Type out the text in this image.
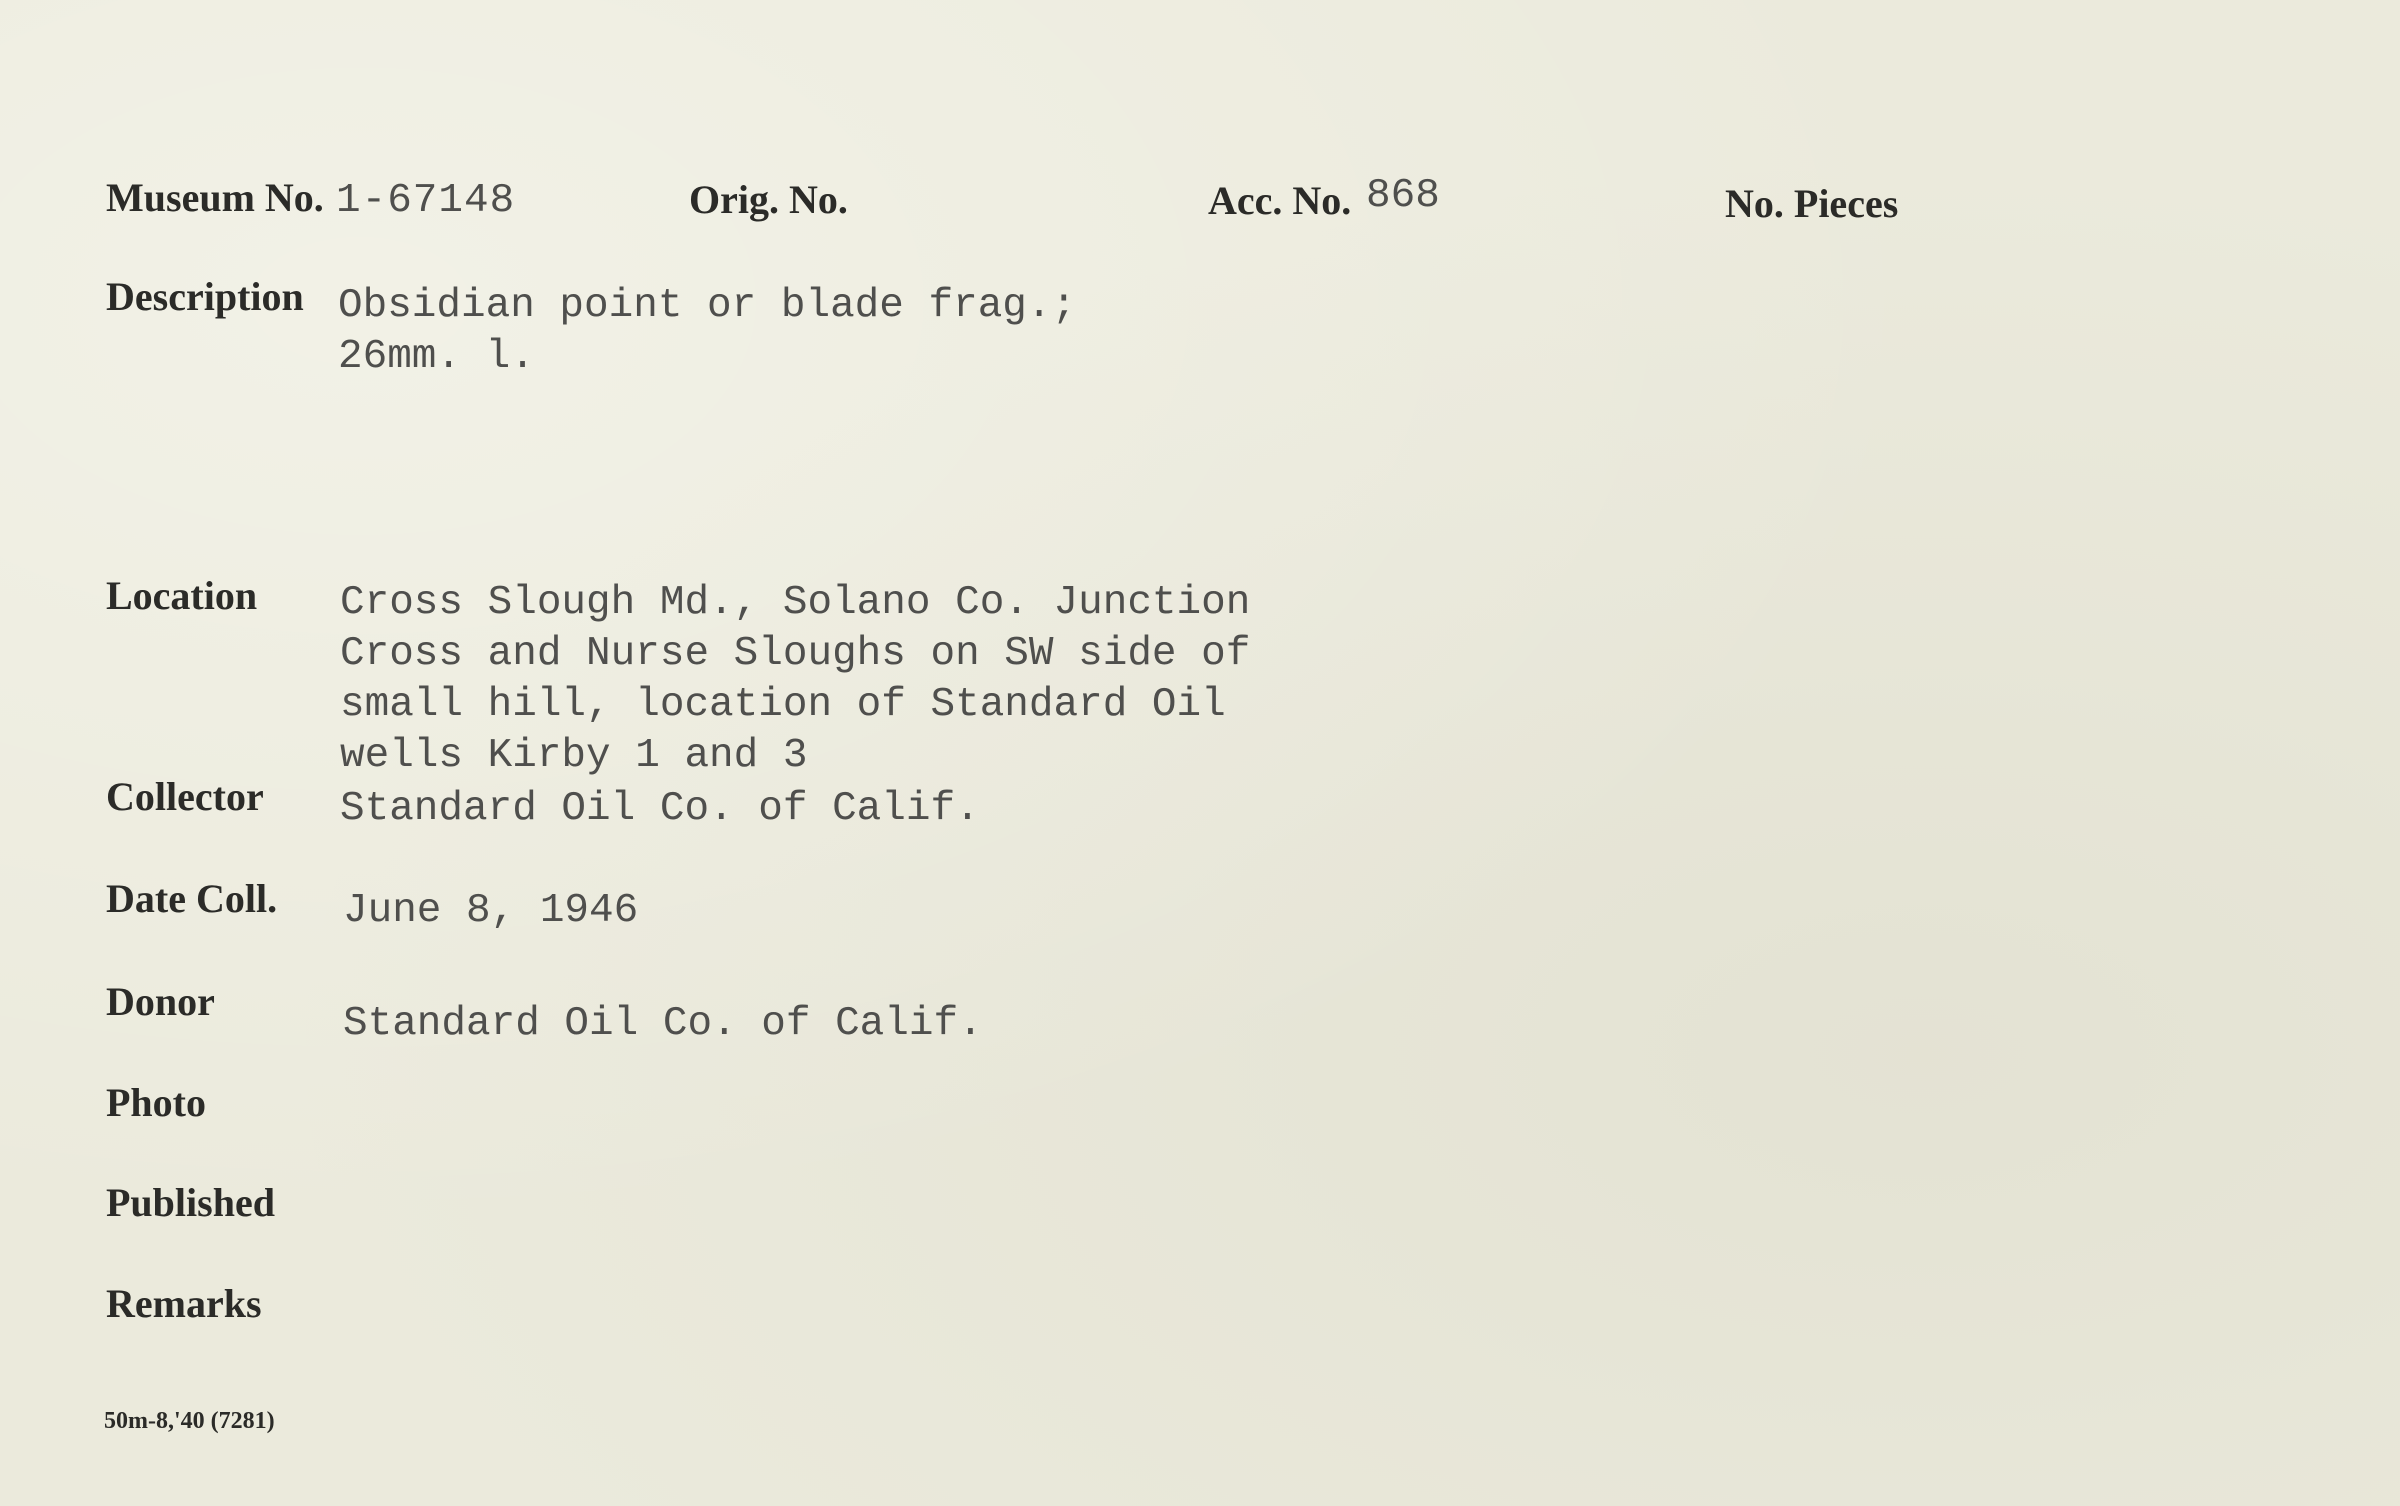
Museum No. 1-67148	Orig. No.	Acc. No. 868	No. Pieces
Description Obsidian point or blade frag.;
26mm. l.
Location Cross Slough Md., Solano Co. Junction
Cross and Nurse Sloughs on SW side of
small hill, location of Standard Oil
wells Kirby 1 and 3
Collector Standard Oil Co. of Calif.
Date Coll. June 8, 1946
Donor	Standard Oil Co. of Calif.
Photo
Published
Remarks
50m-8,'40 (7281)
